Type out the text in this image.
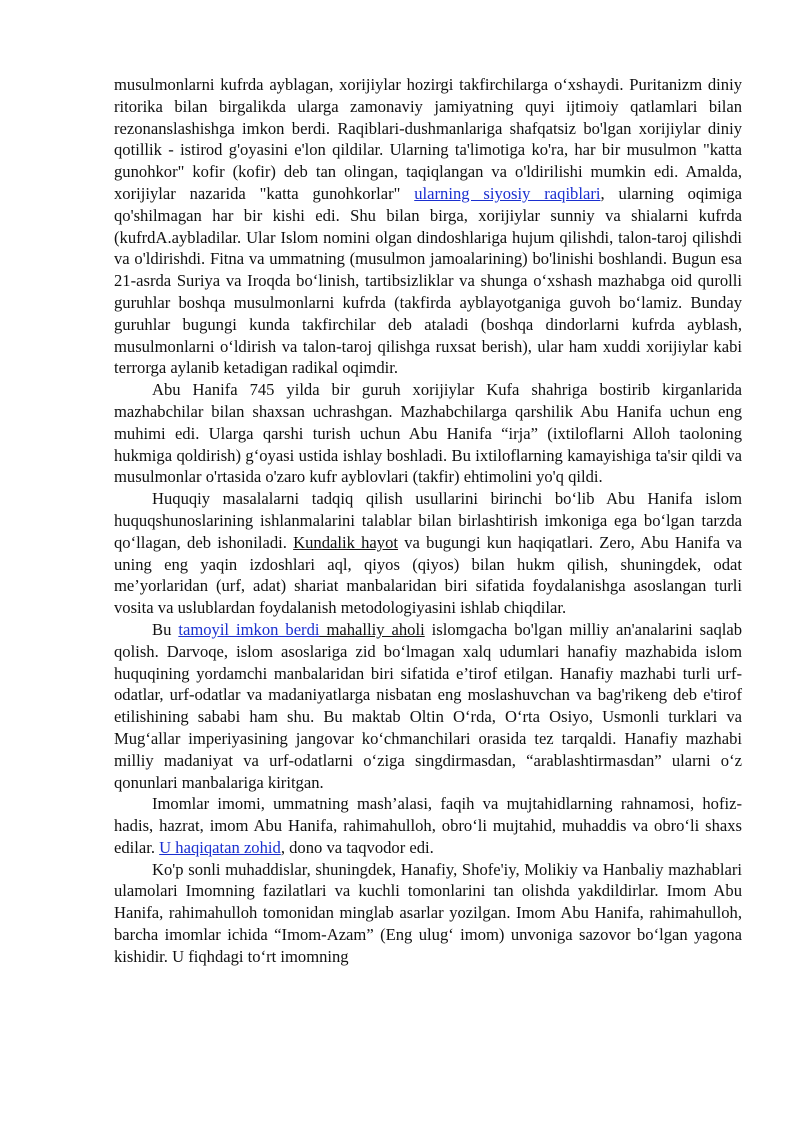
musulmonlarni kufrda ayblagan, xorijiylar hozirgi takfirchilarga o‘xshaydi. Puritanizm diniy ritorika bilan birgalikda ularga zamonaviy jamiyatning quyi ijtimoiy qatlamlari bilan rezonanslashishga imkon berdi. Raqiblari-dushmanlariga shafqatsiz bo'lgan xorijiylar diniy qotillik - istirod g'oyasini e'lon qildilar. Ularning ta'limotiga ko'ra, har bir musulmon "katta gunohkor" kofir (kofir) deb tan olingan, taqiqlangan va o'ldirilishi mumkin edi. Amalda, xorijiylar nazarida "katta gunohkorlar" ularning siyosiy raqiblari, ularning oqimiga qo'shilmagan har bir kishi edi. Shu bilan birga, xorijiylar sunniy va shialarni kufrda (kufrdA.aybladilar. Ular Islom nomini olgan dindoshlariga hujum qilishdi, talon-taroj qilishdi va o'ldirishdi. Fitna va ummatning (musulmon jamoalarining) bo'linishi boshlandi. Bugun esa 21-asrda Suriya va Iroqda bo‘linish, tartibsizliklar va shunga o‘xshash mazhabga oid qurolli guruhlar boshqa musulmonlarni kufrda (takfirda ayblayotganiga guvoh bo‘lamiz. Bunday guruhlar bugungi kunda takfirchilar deb ataladi (boshqa dindorlarni kufrda ayblash, musulmonlarni o‘ldirish va talon-taroj qilishga ruxsat berish), ular ham xuddi xorijiylar kabi terrorga aylanib ketadigan radikal oqimdir.

Abu Hanifa 745 yilda bir guruh xorijiylar Kufa shahriga bostirib kirganlarida mazhabchilar bilan shaxsan uchrashgan. Mazhabchilarga qarshilik Abu Hanifa uchun eng muhimi edi. Ularga qarshi turish uchun Abu Hanifa “irja” (ixtiloflarni Alloh taoloning hukmiga qoldirish) g‘oyasi ustida ishlay boshladi. Bu ixtiloflarning kamayishiga ta'sir qildi va musulmonlar o'rtasida o'zaro kufr ayblovlari (takfir) ehtimolini yo'q qildi.

Huquqiy masalalarni tadqiq qilish usullarini birinchi bo‘lib Abu Hanifa islom huquqshunoslarining ishlanmalarini talablar bilan birlashtirish imkoniga ega bo‘lgan tarzda qo‘llagan, deb ishoniladi. Kundalik hayot va bugungi kun haqiqatlari. Zero, Abu Hanifa va uning eng yaqin izdoshlari aql, qiyos (qiyos) bilan hukm qilish, shuningdek, odat me’yorlaridan (urf, adat) shariat manbalaridan biri sifatida foydalanishga asoslangan turli vosita va uslublardan foydalanish metodologiyasini ishlab chiqdilar.

Bu tamoyil imkon berdi mahalliy aholi islomgacha bo'lgan milliy an'analarini saqlab qolish. Darvoqe, islom asoslariga zid bo‘lmagan xalq udumlari hanafiy mazhabida islom huquqining yordamchi manbalaridan biri sifatida e’tirof etilgan. Hanafiy mazhabi turli urf-odatlar, urf-odatlar va madaniyatlarga nisbatan eng moslashuvchan va bag'rikeng deb e'tirof etilishining sababi ham shu. Bu maktab Oltin O‘rda, O‘rta Osiyo, Usmonli turklari va Mug‘allar imperiyasining jangovar ko‘chmanchilari orasida tez tarqaldi. Hanafiy mazhabi milliy madaniyat va urf-odatlarni o‘ziga singdirmasdan, “arablashtirmasdan” ularni o‘z qonunlari manbalariga kiritgan.

Imomlar imomi, ummatning mash’alasi, faqih va mujtahidlarning rahnamosi, hofiz-hadis, hazrat, imom Abu Hanifa, rahimahulloh, obro‘li mujtahid, muhaddis va obro‘li shaxs edilar. U haqiqatan zohid, dono va taqvodor edi.

Ko'p sonli muhaddislar, shuningdek, Hanafiy, Shofe'iy, Molikiy va Hanbaliy mazhablari ulamolari Imomning fazilatlari va kuchli tomonlarini tan olishda yakdildirlar. Imom Abu Hanifa, rahimahulloh tomonidan minglab asarlar yozilgan. Imom Abu Hanifa, rahimahulloh, barcha imomlar ichida “Imom-Azam” (Eng ulug‘ imom) unvoniga sazovor bo‘lgan yagona kishidir. U fiqhdagi to‘rt imomning
